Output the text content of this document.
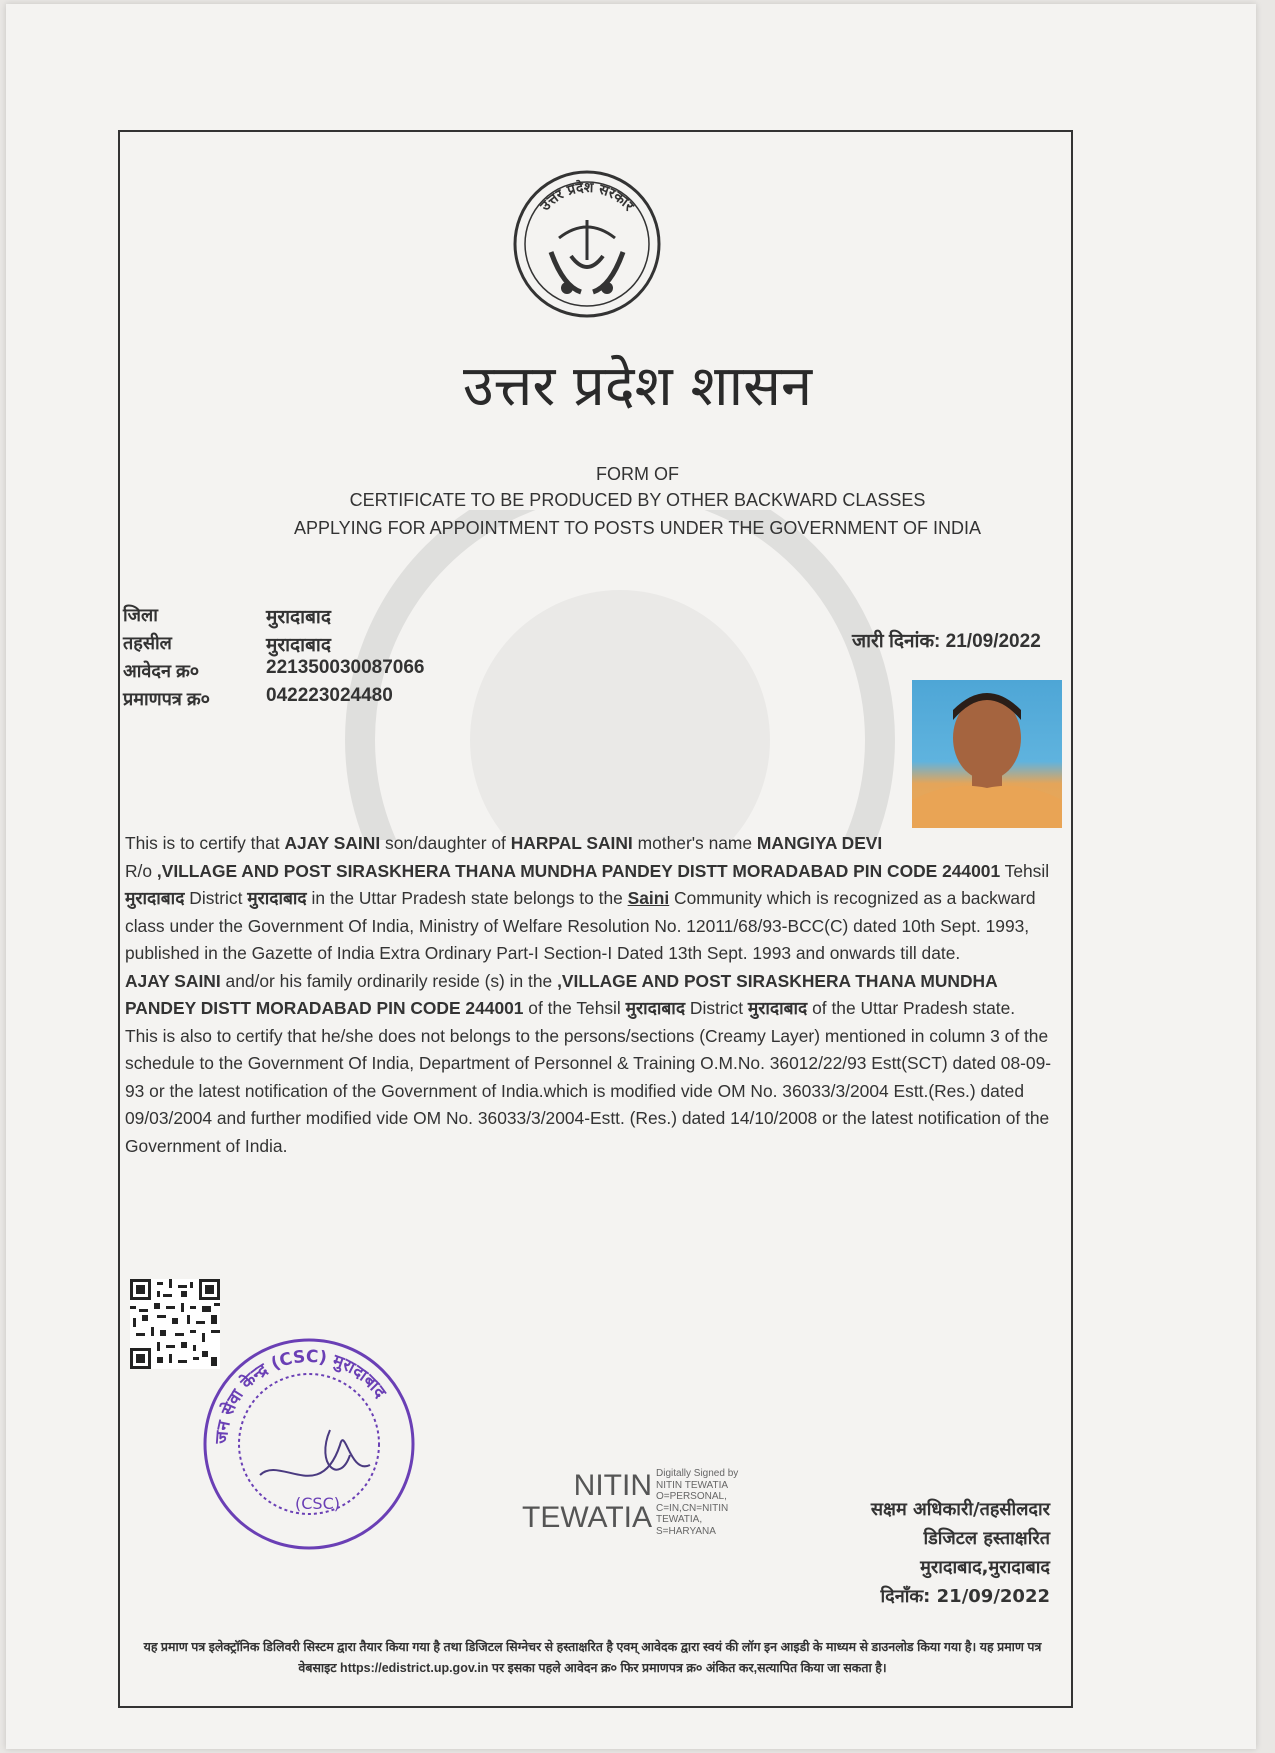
उत्तर प्रदेश सरकार
उत्तर प्रदेश शासन
FORM OF
CERTIFICATE TO BE PRODUCED BY OTHER BACKWARD CLASSES
APPLYING FOR APPOINTMENT TO POSTS UNDER THE GOVERNMENT OF INDIA
जिला	मुरादाबाद
तहसील	मुरादाबाद
आवेदन क्र०	221350030087066
प्रमाणपत्र क्र०	042223024480
जारी दिनांक: 21/09/2022

This is to certify that AJAY SAINI son/daughter of HARPAL SAINI mother's name MANGIYA DEVI
R/o ,VILLAGE AND POST SIRASKHERA THANA MUNDHA PANDEY DISTT MORADABAD PIN CODE 244001 Tehsil मुरादाबाद District मुरादाबाद in the Uttar Pradesh state belongs to the Saini Community which is recognized as a backward class under the Government Of India, Ministry of Welfare Resolution No. 12011/68/93-BCC(C) dated 10th Sept. 1993, published in the Gazette of India Extra Ordinary Part-I Section-I Dated 13th Sept. 1993 and onwards till date.

AJAY SAINI and/or his family ordinarily reside (s) in the ,VILLAGE AND POST SIRASKHERA THANA MUNDHA PANDEY DISTT MORADABAD PIN CODE 244001 of the Tehsil मुरादाबाद District मुरादाबाद of the Uttar Pradesh state.

This is also to certify that he/she does not belongs to the persons/sections (Creamy Layer) mentioned in column 3 of the schedule to the Government Of India, Department of Personnel & Training O.M.No. 36012/22/93 Estt(SCT) dated 08-09-93 or the latest notification of the Government of India.which is modified vide OM No. 36033/3/2004 Estt.(Res.) dated 09/03/2004 and further modified vide OM No. 36033/3/2004-Estt. (Res.) dated 14/10/2008 or the latest notification of the Government of India.

जन सेवा केन्द्र (CSC) मुरादाबाद
(CSC)
NITIN
TEWATIA
Digitally Signed by
NITIN TEWATIA
O=PERSONAL,
C=IN,CN=NITIN
TEWATIA,
S=HARYANA
सक्षम अधिकारी/तहसीलदार
डिजिटल हस्ताक्षरित
मुरादाबाद,मुरादाबाद
दिनाँक: 21/09/2022
यह प्रमाण पत्र इलेक्ट्रॉनिक डिलिवरी सिस्टम द्वारा तैयार किया गया है तथा डिजिटल सिग्नेचर से हस्ताक्षरित है एवम् आवेदक द्वारा स्वयं की लॉग इन आइडी के माध्यम से डाउनलोड किया गया है। यह प्रमाण पत्र वेबसाइट https://edistrict.up.gov.in पर इसका पहले आवेदन क्र० फिर प्रमाणपत्र क्र० अंकित कर,सत्यापित किया जा सकता है।
